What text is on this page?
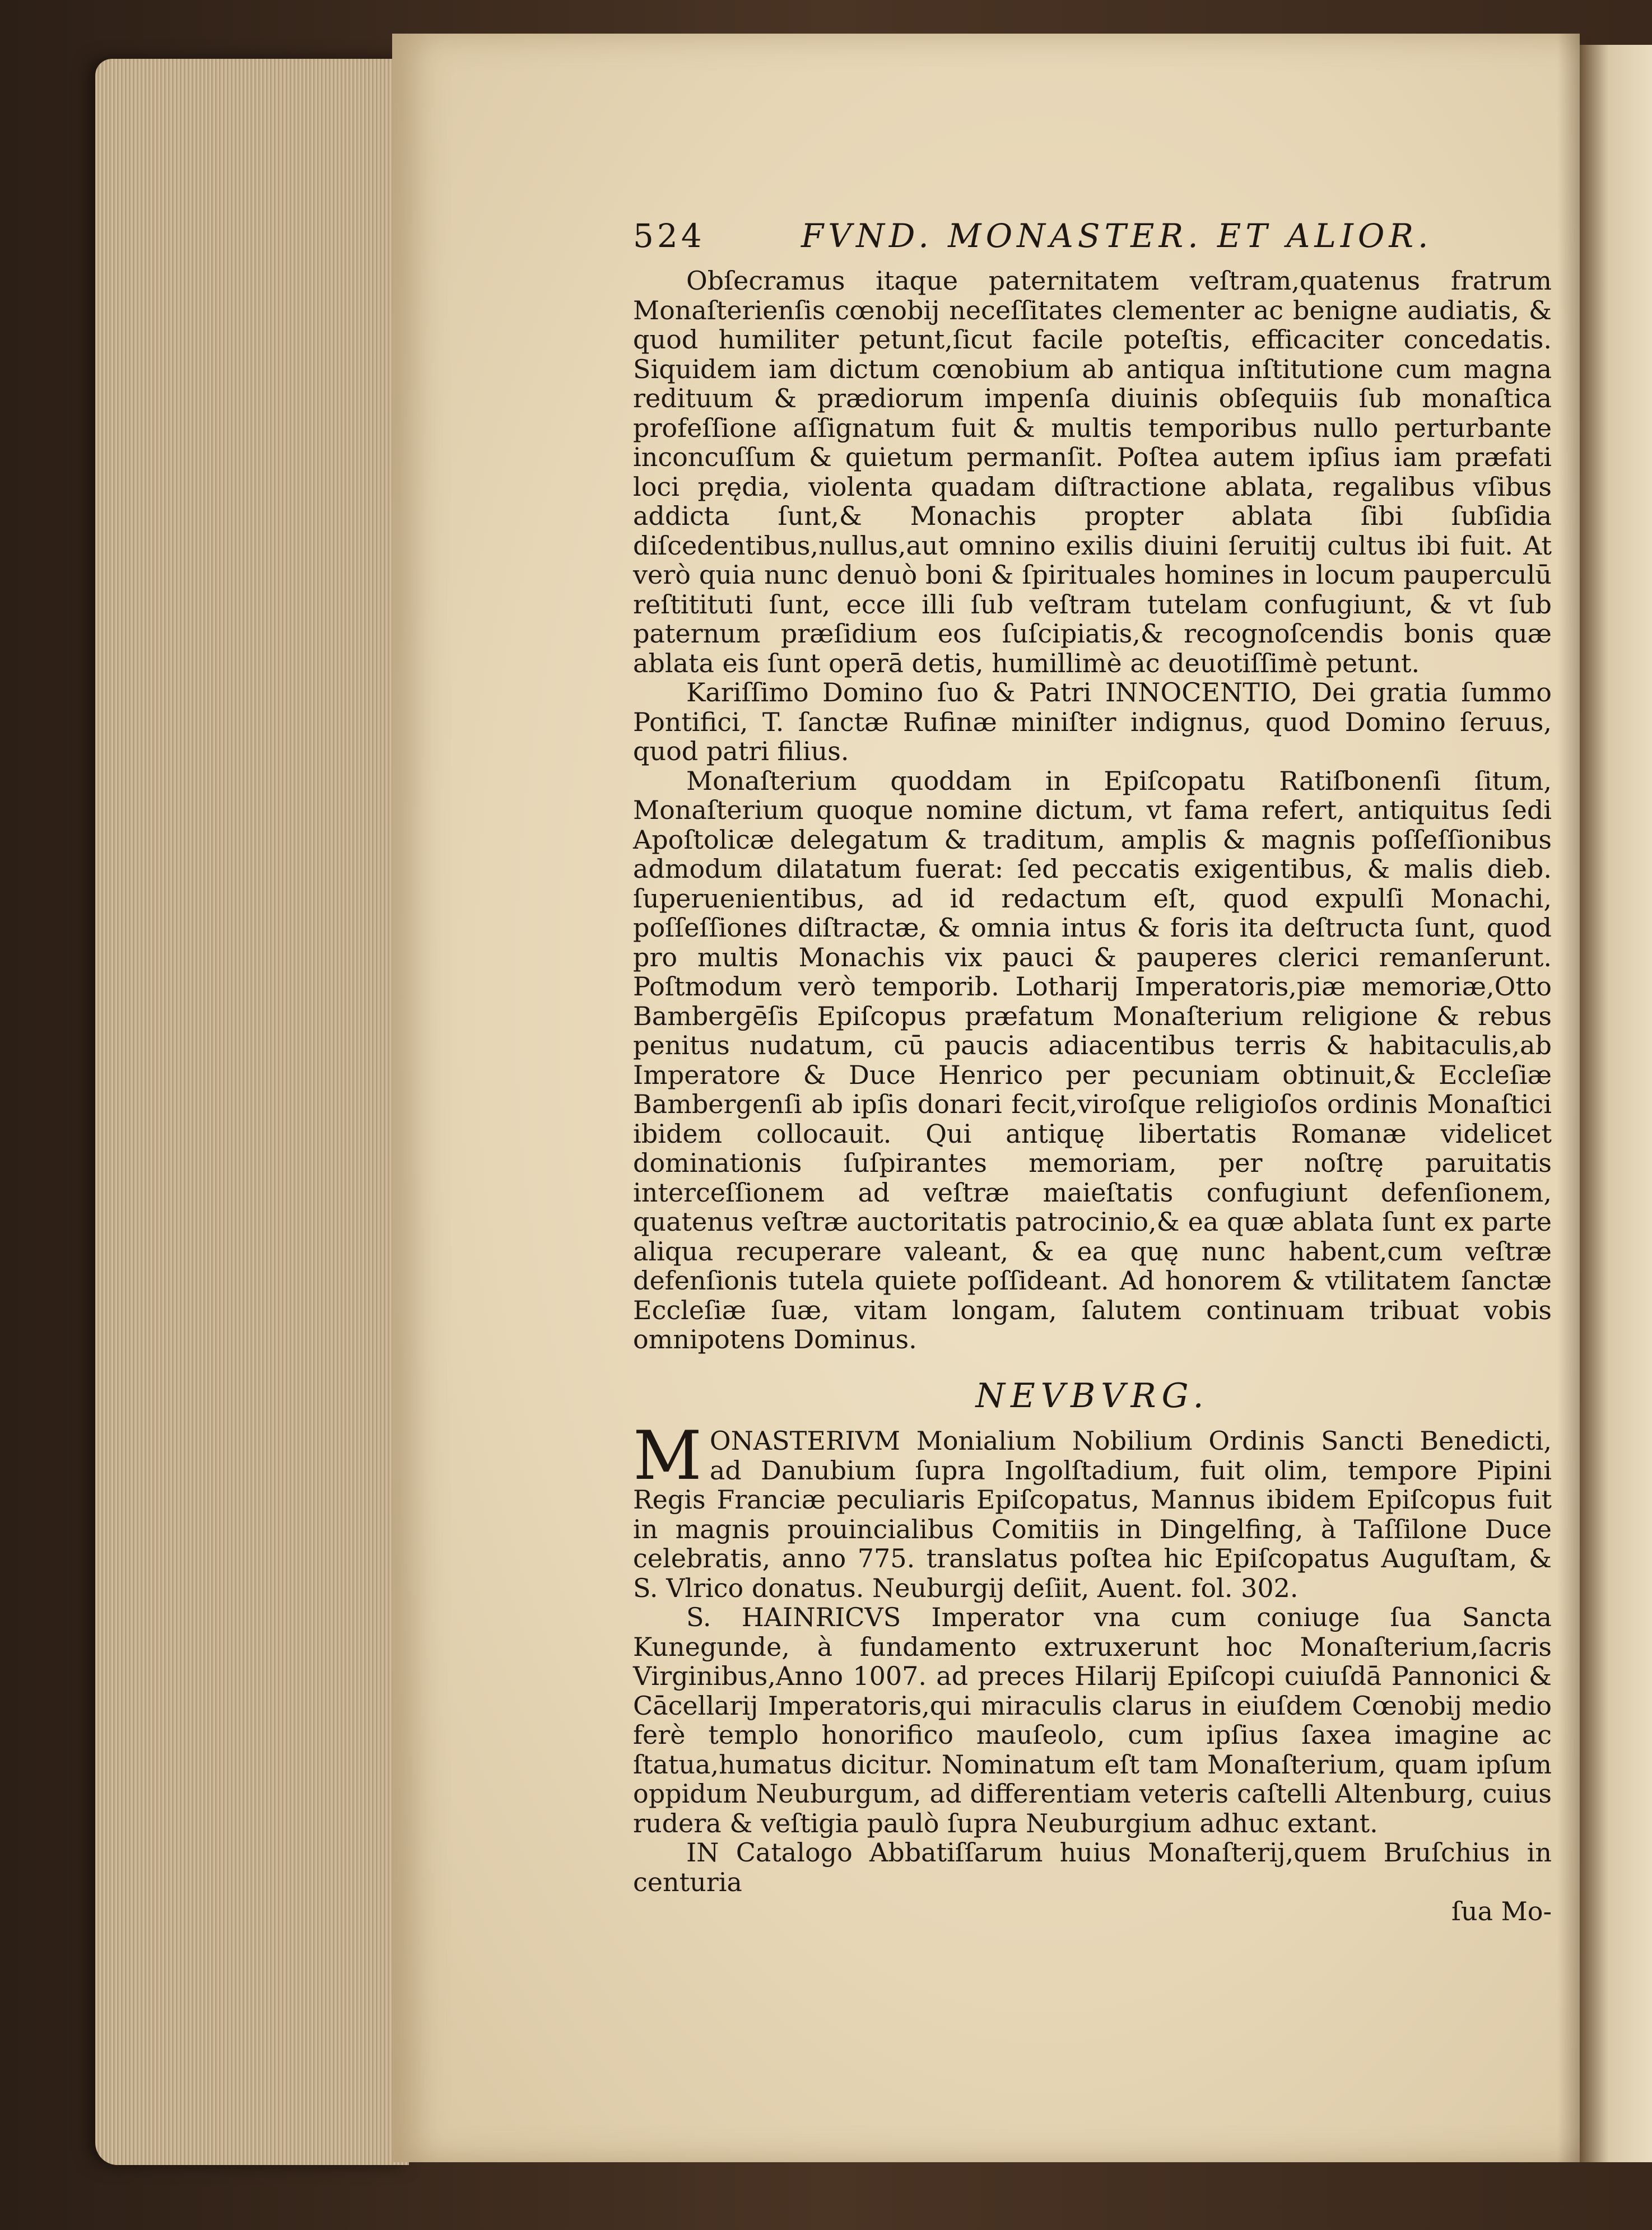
524	FVND. MONASTER. ET ALIOR.

Obſecramus itaque paternitatem veſtram,quatenus fratrum Monaſterienſis cœnobij neceſſitates clementer ac benigne audiatis, & quod humiliter petunt,ſicut facile poteſtis, efficaciter concedatis. Siquidem iam dictum cœnobium ab antiqua inſtitutione cum magna redituum & prædiorum impenſa diuinis obſequiis ſub monaſtica profeſſione aſſignatum fuit & multis temporibus nullo perturbante inconcuſſum & quietum permanſit. Poſtea autem ipſius iam præfati loci prędia, violenta quadam diſtractione ablata, regalibus vſibus addicta ſunt,& Monachis propter ablata ſibi ſubſidia diſcedentibus,nullus,aut omnino exilis diuini ſeruitij cultus ibi fuit. At verò quia nunc denuò boni & ſpirituales homines in locum pauperculū reſtitituti ſunt, ecce illi ſub veſtram tutelam confugiunt, & vt ſub paternum præſidium eos ſuſcipiatis,& recognoſcendis bonis quæ ablata eis ſunt operā detis, humillimè ac deuotiſſimè petunt.

Kariſſimo Domino ſuo & Patri INNOCENTIO, Dei gratia ſummo Pontifici, T. ſanctæ Rufinæ miniſter indignus, quod Domino ſeruus, quod patri filius.

Monaſterium quoddam in Epiſcopatu Ratiſbonenſi ſitum, Monaſterium quoque nomine dictum, vt fama refert, antiquitus ſedi Apoſtolicæ delegatum & traditum, amplis & magnis poſſeſſionibus admodum dilatatum fuerat: ſed peccatis exigentibus, & malis dieb. ſuperuenientibus, ad id redactum eſt, quod expulſi Monachi, poſſeſſiones diſtractæ, & omnia intus & foris ita deſtructa ſunt, quod pro multis Monachis vix pauci & pauperes clerici remanſerunt. Poſtmodum verò temporib. Lotharij Imperatoris,piæ memoriæ,Otto Bambergēſis Epiſcopus præfatum Monaſterium religione & rebus penitus nudatum, cū paucis adiacentibus terris & habitaculis,ab Imperatore & Duce Henrico per pecuniam obtinuit,& Eccleſiæ Bambergenſi ab ipſis donari fecit,viroſque religioſos ordinis Monaſtici ibidem collocauit. Qui antiquę libertatis Romanæ videlicet dominationis ſuſpirantes memoriam, per noſtrę paruitatis interceſſionem ad veſtræ maieſtatis confugiunt defenſionem, quatenus veſtræ auctoritatis patrocinio,& ea quæ ablata ſunt ex parte aliqua recuperare valeant, & ea quę nunc habent,cum veſtræ defenſionis tutela quiete poſſideant. Ad honorem & vtilitatem ſanctæ Eccleſiæ ſuæ, vitam longam, ſalutem continuam tribuat vobis omnipotens Dominus.

NEVBVRG.

MONASTERIVM Monialium Nobilium Ordinis Sancti Benedicti, ad Danubium ſupra Ingolſtadium, fuit olim, tempore Pipini Regis Franciæ peculiaris Epiſcopatus, Mannus ibidem Epiſcopus fuit in magnis prouincialibus Comitiis in Dingelfing, à Taſſilone Duce celebratis, anno 775. translatus poſtea hic Epiſcopatus Auguſtam, & S. Vlrico donatus. Neuburgij deſiit, Auent. fol. 302.

S. HAINRICVS Imperator vna cum coniuge ſua Sancta Kunegunde, à fundamento extruxerunt hoc Monaſterium,ſacris Virginibus,Anno 1007. ad preces Hilarij Epiſcopi cuiuſdā Pannonici & Cācellarij Imperatoris,qui miraculis clarus in eiuſdem Cœnobij medio ferè templo honorifico mauſeolo, cum ipſius ſaxea imagine ac ſtatua,humatus dicitur. Nominatum eſt tam Monaſterium, quam ipſum oppidum Neuburgum, ad differentiam veteris caſtelli Altenburg, cuius rudera & veſtigia paulò ſupra Neuburgium adhuc extant.

IN Catalogo Abbatiſſarum huius Monaſterij,quem Bruſchius in centuria

ſua Mo-
